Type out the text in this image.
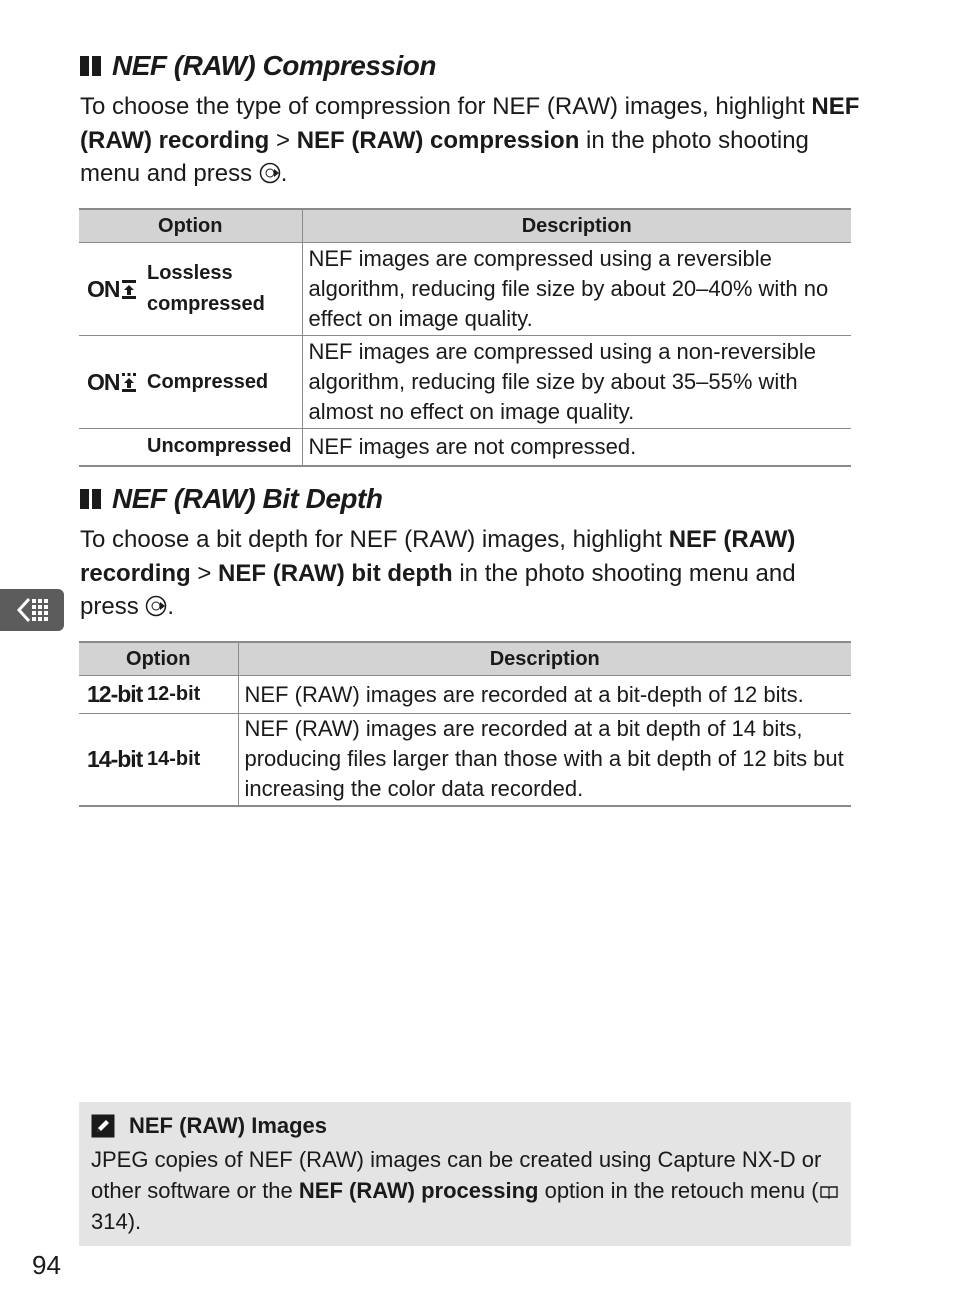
NEF (RAW) Compression

To choose the type of compression for NEF (RAW) images, highlight NEF (RAW) recording > NEF (RAW) compression in the photo shooting menu and press .

Option	Description

ON
Lossless compressed	NEF images are compressed using a reversible algorithm, reducing file size by about 20–40% with no effect on image quality.

ON Compressed	NEF images are compressed using a non-reversible algorithm, reducing file size by about 35–55% with almost no effect on image quality.

Uncompressed	NEF images are not compressed.
NEF (RAW) Bit Depth

To choose a bit depth for NEF (RAW) images, highlight NEF (RAW) recording > NEF (RAW) bit depth in the photo shooting menu and press .

Option	Description

12-bit 12-bit	NEF (RAW) images are recorded at a bit-depth of 12 bits.

14-bit 14-bit	NEF (RAW) images are recorded at a bit depth of 14 bits, producing files larger than those with a bit depth of 12 bits but increasing the color data recorded.
NEF (RAW) Images

JPEG copies of NEF (RAW) images can be created using Capture NX-D or other software or the NEF (RAW) processing option in the retouch menu ( 314).

94
